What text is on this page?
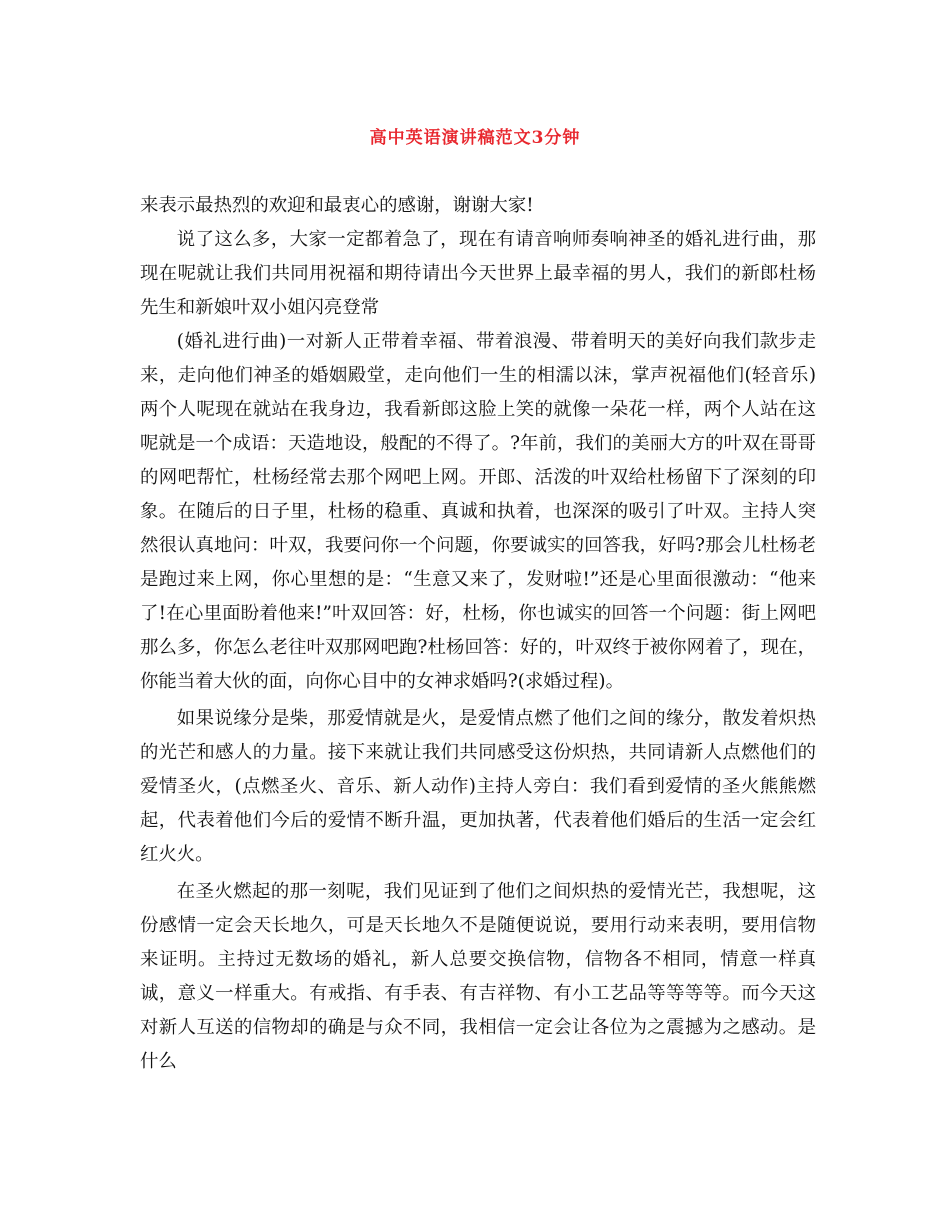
高中英语演讲稿范文3分钟

来表示最热烈的欢迎和最衷心的感谢，谢谢大家!

说了这么多，大家一定都着急了，现在有请音响师奏响神圣的婚礼进行曲，那现在呢就让我们共同用祝福和期待请出今天世界上最幸福的男人，我们的新郎杜杨先生和新娘叶双小姐闪亮登常

(婚礼进行曲)一对新人正带着幸福、带着浪漫、带着明天的美好向我们款步走来，走向他们神圣的婚姻殿堂，走向他们一生的相濡以沫，掌声祝福他们(轻音乐)两个人呢现在就站在我身边，我看新郎这脸上笑的就像一朵花一样，两个人站在这呢就是一个成语：天造地设，般配的不得了。?年前，我们的美丽大方的叶双在哥哥的网吧帮忙，杜杨经常去那个网吧上网。开郎、活泼的叶双给杜杨留下了深刻的印象。在随后的日子里，杜杨的稳重、真诚和执着，也深深的吸引了叶双。主持人突然很认真地问：叶双，我要问你一个问题，你要诚实的回答我，好吗?那会儿杜杨老是跑过来上网，你心里想的是：“生意又来了，发财啦!”还是心里面很激动：“他来了!在心里面盼着他来!”叶双回答：好，杜杨，你也诚实的回答一个问题：街上网吧那么多，你怎么老往叶双那网吧跑?杜杨回答：好的，叶双终于被你网着了，现在，你能当着大伙的面，向你心目中的女神求婚吗?(求婚过程)。

如果说缘分是柴，那爱情就是火，是爱情点燃了他们之间的缘分，散发着炽热的光芒和感人的力量。接下来就让我们共同感受这份炽热，共同请新人点燃他们的爱情圣火，(点燃圣火、音乐、新人动作)主持人旁白：我们看到爱情的圣火熊熊燃起，代表着他们今后的爱情不断升温，更加执著，代表着他们婚后的生活一定会红红火火。

在圣火燃起的那一刻呢，我们见证到了他们之间炽热的爱情光芒，我想呢，这份感情一定会天长地久，可是天长地久不是随便说说，要用行动来表明，要用信物来证明。主持过无数场的婚礼，新人总要交换信物，信物各不相同，情意一样真诚，意义一样重大。有戒指、有手表、有吉祥物、有小工艺品等等等等。而今天这对新人互送的信物却的确是与众不同，我相信一定会让各位为之震撼为之感动。是什么
